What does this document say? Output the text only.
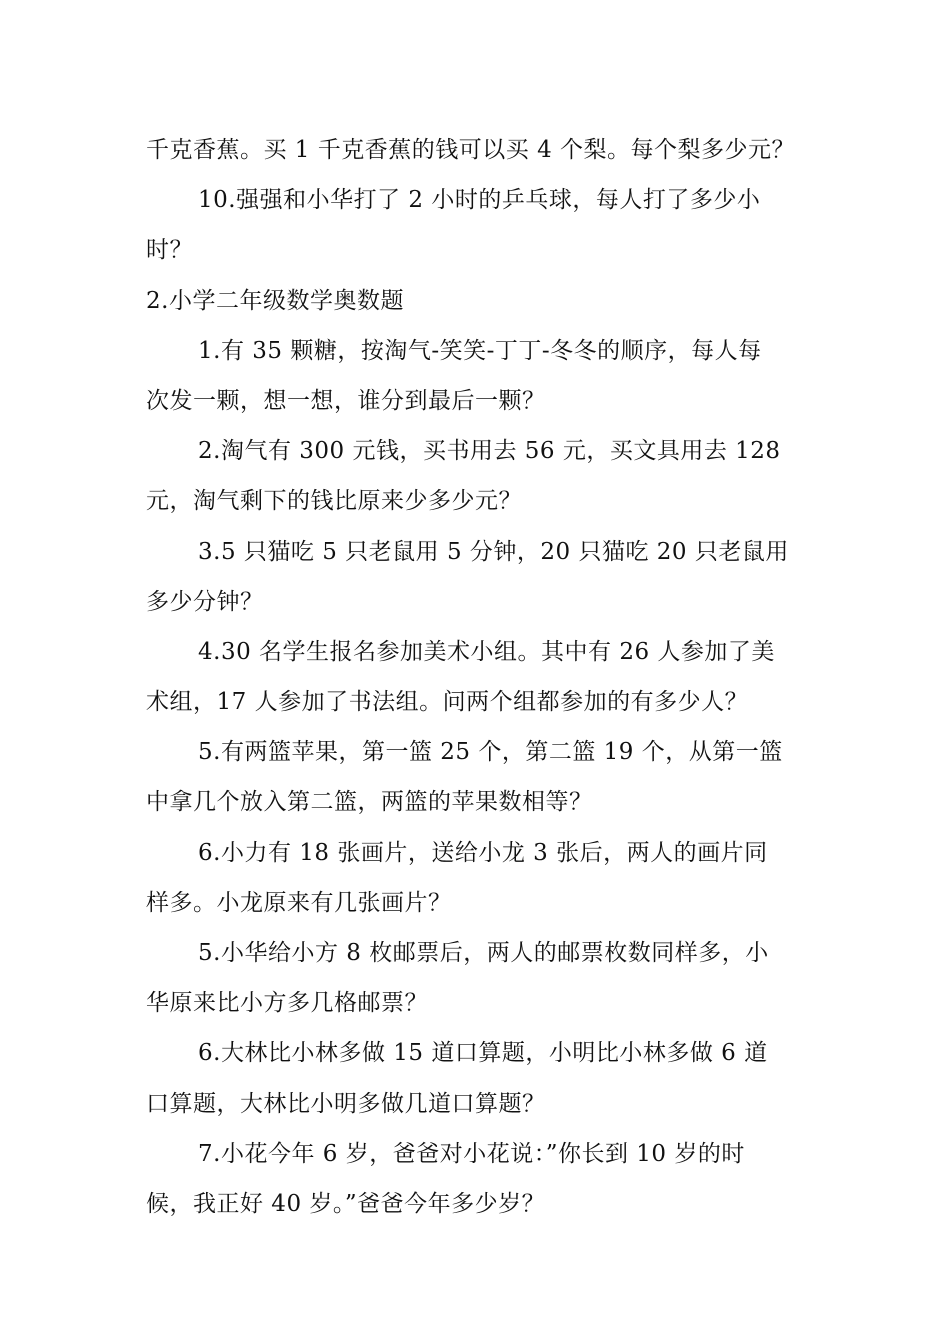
千克香蕉。买 1 千克香蕉的钱可以买 4 个梨。每个梨多少元？
10.强强和小华打了 2 小时的乒乓球，每人打了多少小
时？
2.小学二年级数学奥数题
1.有 35 颗糖，按淘气-笑笑-丁丁-冬冬的顺序，每人每
次发一颗，想一想，谁分到最后一颗？
2.淘气有 300 元钱，买书用去 56 元，买文具用去 128
元，淘气剩下的钱比原来少多少元？
3.5 只猫吃 5 只老鼠用 5 分钟，20 只猫吃 20 只老鼠用
多少分钟？
4.30 名学生报名参加美术小组。其中有 26 人参加了美
术组，17 人参加了书法组。问两个组都参加的有多少人？
5.有两篮苹果，第一篮 25 个，第二篮 19 个，从第一篮
中拿几个放入第二篮，两篮的苹果数相等？
6.小力有 18 张画片，送给小龙 3 张后，两人的画片同
样多。小龙原来有几张画片？
5.小华给小方 8 枚邮票后，两人的邮票枚数同样多，小
华原来比小方多几格邮票？
6.大林比小林多做 15 道口算题，小明比小林多做 6 道
口算题，大林比小明多做几道口算题？
7.小花今年 6 岁，爸爸对小花说：”你长到 10 岁的时
候，我正好 40 岁。”爸爸今年多少岁？
